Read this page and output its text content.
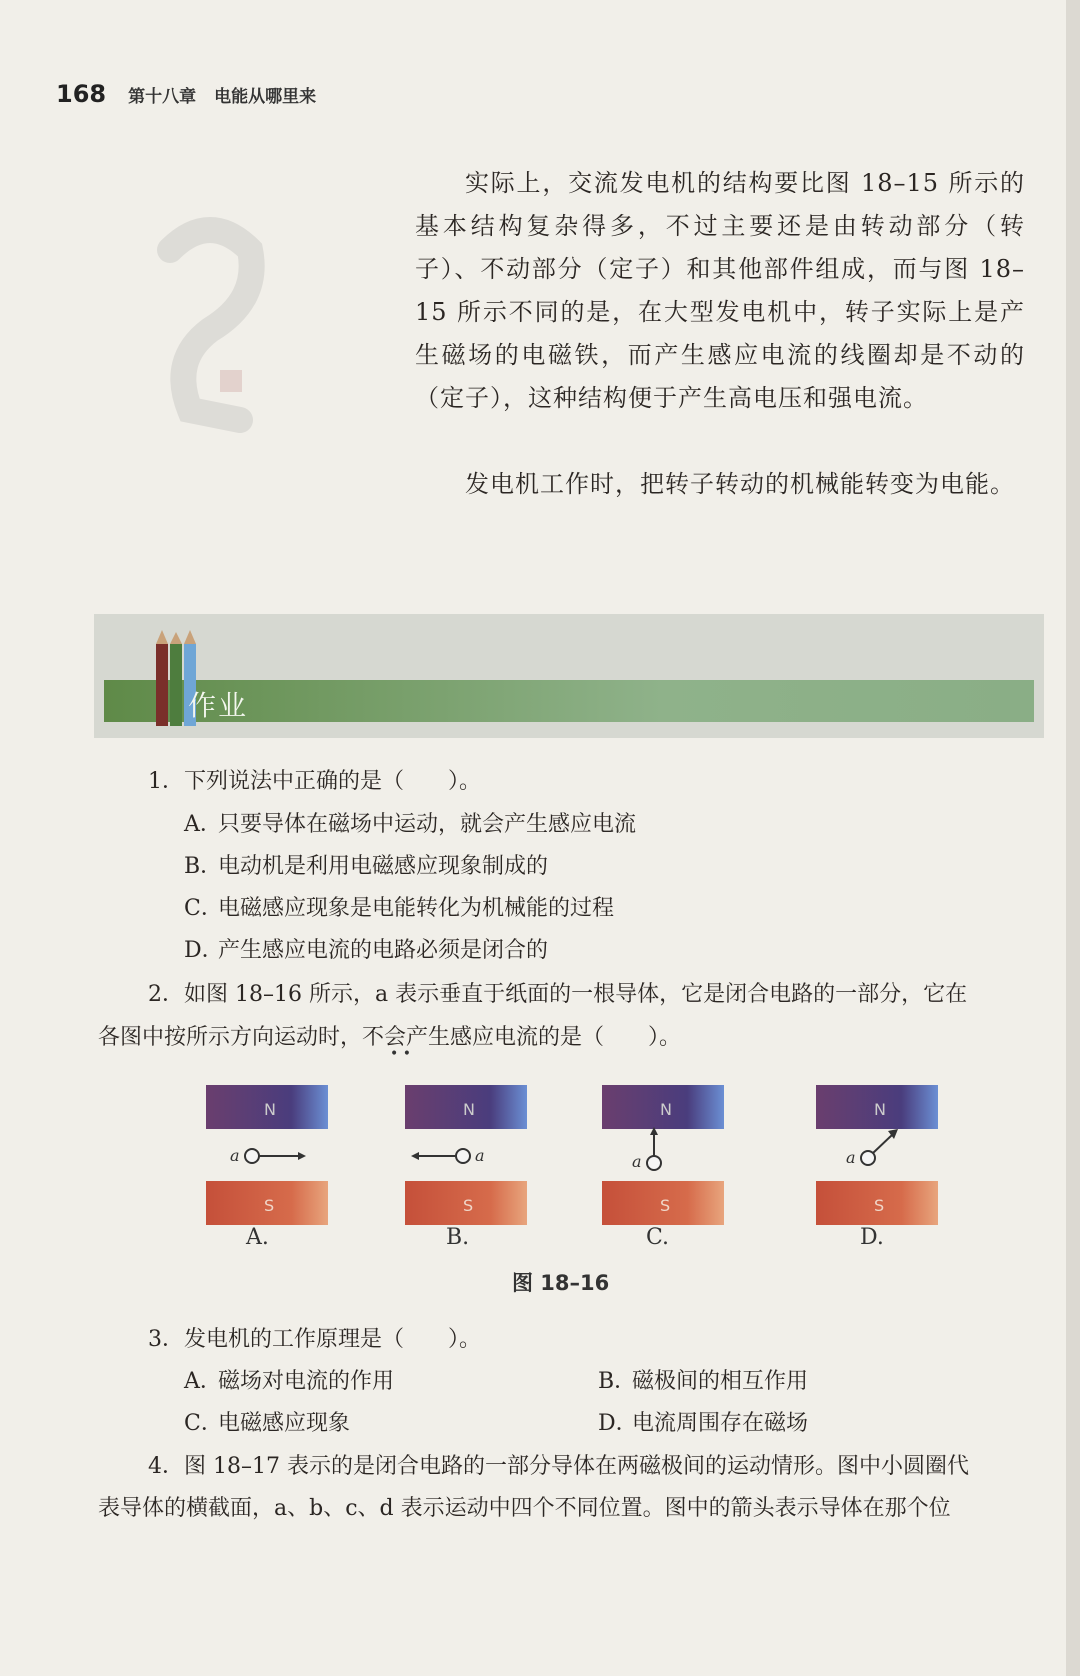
168 第十八章 电能从哪里来

实际上，交流发电机的结构要比图 18–15 所示的基本结构复杂得多，不过主要还是由转动部分（转子）、不动部分（定子）和其他部件组成，而与图 18–15 所示不同的是，在大型发电机中，转子实际上是产生磁场的电磁铁，而产生感应电流的线圈却是不动的（定子），这种结构便于产生高电压和强电流。

发电机工作时，把转子转动的机械能转变为电能。

作业
1．下列说法中正确的是（　　）。
A．只要导体在磁场中运动，就会产生感应电流
B．电动机是利用电磁感应现象制成的
C．电磁感应现象是电能转化为机械能的过程
D．产生感应电流的电路必须是闭合的
2．如图 18–16 所示，a 表示垂直于纸面的一根导体，它是闭合电路的一部分，它在
各图中按所示方向运动时，不会产生感应电流的是（　　）。
• •
N
S
a
N
S
a
N
S
a
N
S
a
A.	B.	C.	D.
图 18–16
3．发电机的工作原理是（　　）。
A．磁场对电流的作用	B．磁极间的相互作用
C．电磁感应现象	D．电流周围存在磁场
4．图 18–17 表示的是闭合电路的一部分导体在两磁极间的运动情形。图中小圆圈代
表导体的横截面，a、b、c、d 表示运动中四个不同位置。图中的箭头表示导体在那个位
